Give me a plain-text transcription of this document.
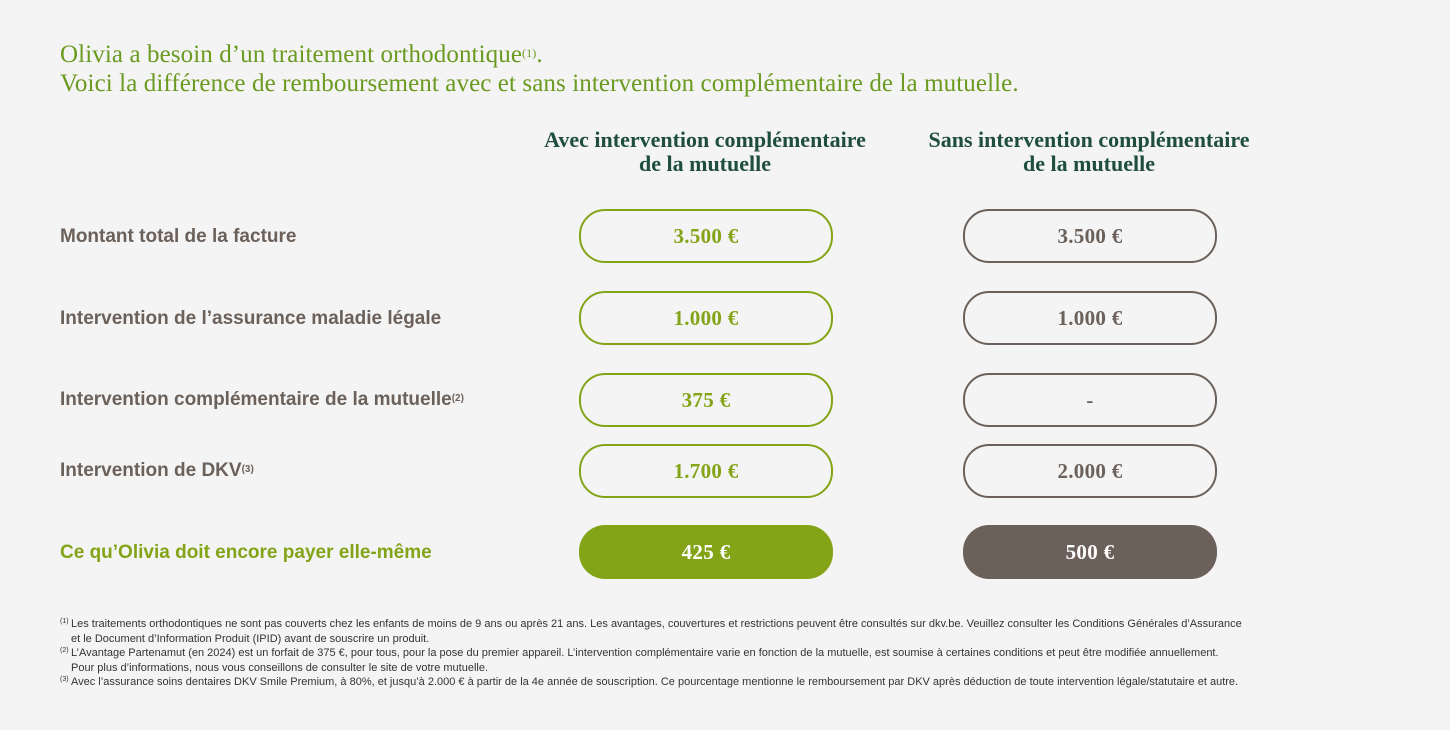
Olivia a besoin d’un traitement orthodontique$^{(1)}$.
Voici la différence de remboursement avec et sans intervention complémentaire de la mutuelle.
Avec intervention complémentaire
de la mutuelle
Sans intervention complémentaire
de la mutuelle
Montant total de la facture	3.500 €	3.500 €
Intervention de l’assurance maladie légale	1.000 €	1.000 €
Intervention complémentaire de la mutuelle$^{(2)}$	375 €	-
Intervention de DKV$^{(3)}$	1.700 €	2.000 €
Ce qu’Olivia doit encore payer elle-même	425 €	500 €
(1) Les traitements orthodontiques ne sont pas couverts chez les enfants de moins de 9 ans ou après 21 ans. Les avantages, couvertures et restrictions peuvent être consultés sur dkv.be. Veuillez consulter les Conditions Générales d’Assurance
et le Document d’Information Produit (IPID) avant de souscrire un produit.
(2) L’Avantage Partenamut (en 2024) est un forfait de 375 €, pour tous, pour la pose du premier appareil. L’intervention complémentaire varie en fonction de la mutuelle, est soumise à certaines conditions et peut être modifiée annuellement.
Pour plus d’informations, nous vous conseillons de consulter le site de votre mutuelle.
(3) Avec l’assurance soins dentaires DKV Smile Premium, à 80%, et jusqu’à 2.000 € à partir de la 4e année de souscription. Ce pourcentage mentionne le remboursement par DKV après déduction de toute intervention légale/statutaire et autre.
